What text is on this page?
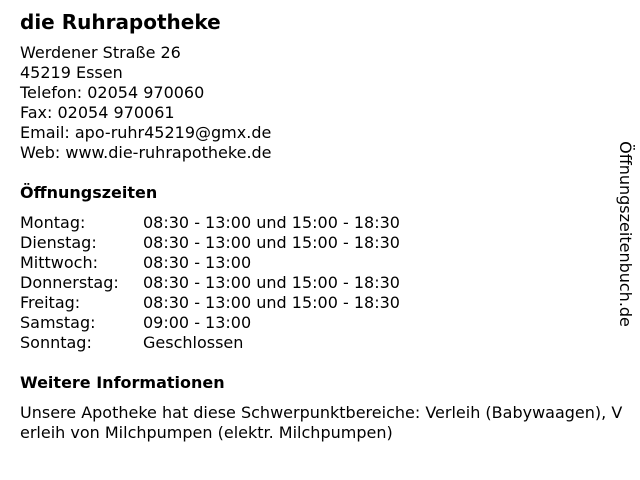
die Ruhrapotheke
Werdener Straße 26
45219 Essen
Telefon: 02054 970060
Fax: 02054 970061
Email: apo-ruhr45219@gmx.de
Web: www.die-ruhrapotheke.de
Öffnungszeiten
Montag:	08:30 - 13:00 und 15:00 - 18:30
Dienstag:	08:30 - 13:00 und 15:00 - 18:30
Mittwoch:	08:30 - 13:00
Donnerstag: 08:30 - 13:00 und 15:00 - 18:30
Freitag:	08:30 - 13:00 und 15:00 - 18:30
Samstag:	09:00 - 13:00
Sonntag:	Geschlossen
Weitere Informationen
Unsere Apotheke hat diese Schwerpunktbereiche: Verleih (Babywaagen), Verleih von Milchpumpen (elektr. Milchpumpen)
Öffnungszeitenbuch.de
